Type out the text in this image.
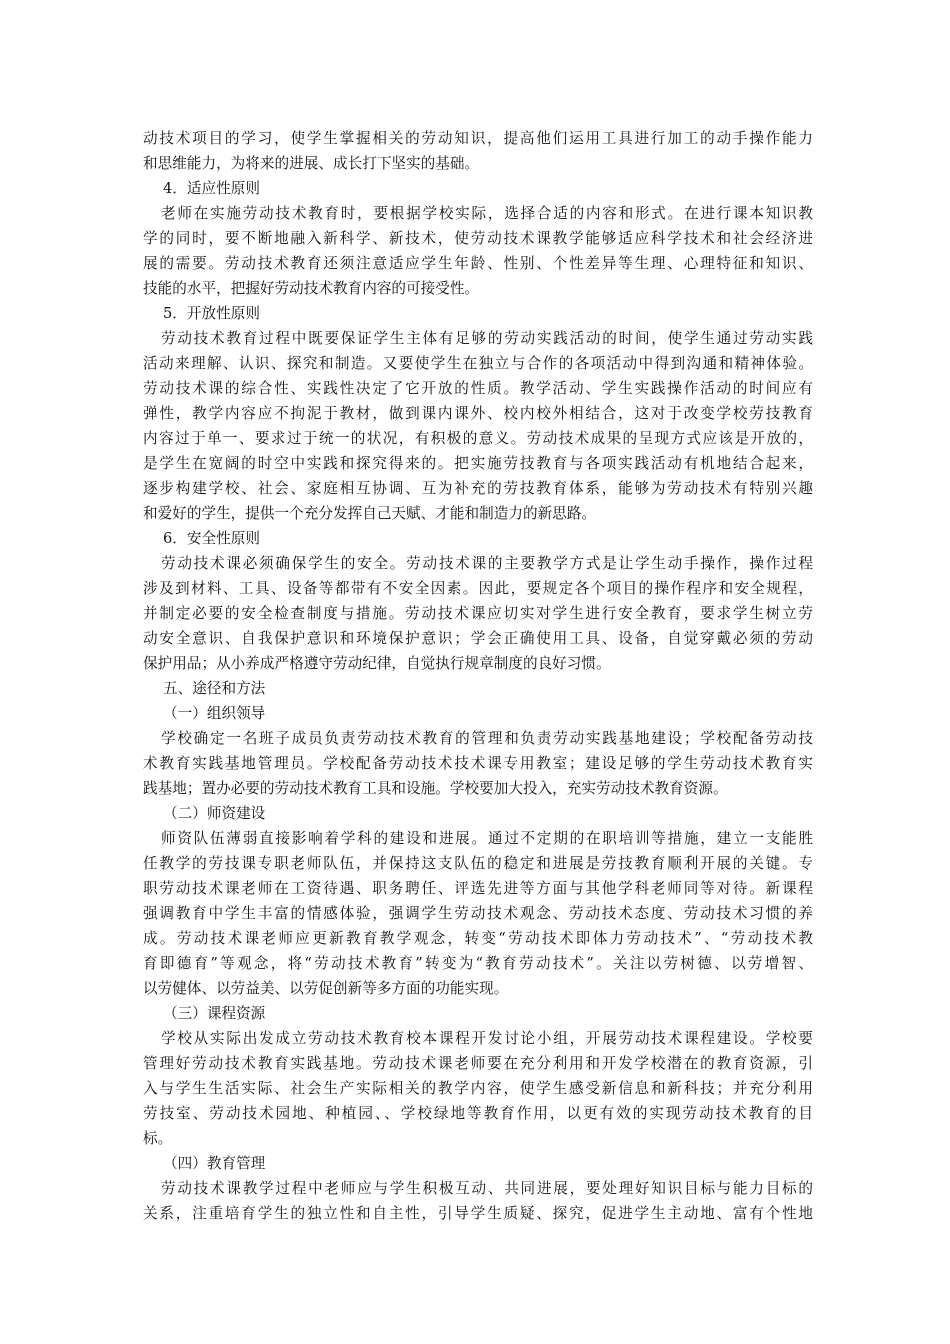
动技术项目的学习，使学生掌握相关的劳动知识，提高他们运用工具进行加工的动手操作能力
和思维能力，为将来的进展、成长打下坚实的基础。
4．适应性原则
老师在实施劳动技术教育时，要根据学校实际，选择合适的内容和形式。在进行课本知识教
学的同时，要不断地融入新科学、新技术，使劳动技术课教学能够适应科学技术和社会经济进
展的需要。劳动技术教育还须注意适应学生年龄、性别、个性差异等生理、心理特征和知识、
技能的水平，把握好劳动技术教育内容的可接受性。
5．开放性原则
劳动技术教育过程中既要保证学生主体有足够的劳动实践活动的时间，使学生通过劳动实践
活动来理解、认识、探究和制造。又要使学生在独立与合作的各项活动中得到沟通和精神体验。
劳动技术课的综合性、实践性决定了它开放的性质。教学活动、学生实践操作活动的时间应有
弹性，教学内容应不拘泥于教材，做到课内课外、校内校外相结合，这对于改变学校劳技教育
内容过于单一、要求过于统一的状况，有积极的意义。劳动技术成果的呈现方式应该是开放的，
是学生在宽阔的时空中实践和探究得来的。把实施劳技教育与各项实践活动有机地结合起来，
逐步构建学校、社会、家庭相互协调、互为补充的劳技教育体系，能够为劳动技术有特别兴趣
和爱好的学生，提供一个充分发挥自己天赋、才能和制造力的新思路。
6．安全性原则
劳动技术课必须确保学生的安全。劳动技术课的主要教学方式是让学生动手操作，操作过程
涉及到材料、工具、设备等都带有不安全因素。因此，要规定各个项目的操作程序和安全规程，
并制定必要的安全检查制度与措施。劳动技术课应切实对学生进行安全教育，要求学生树立劳
动安全意识、自我保护意识和环境保护意识；学会正确使用工具、设备，自觉穿戴必须的劳动
保护用品；从小养成严格遵守劳动纪律，自觉执行规章制度的良好习惯。
五、途径和方法
（一）组织领导
学校确定一名班子成员负责劳动技术教育的管理和负责劳动实践基地建设；学校配备劳动技
术教育实践基地管理员。学校配备劳动技术技术课专用教室；建设足够的学生劳动技术教育实
践基地；置办必要的劳动技术教育工具和设施。学校要加大投入，充实劳动技术教育资源。
（二）师资建设
师资队伍薄弱直接影响着学科的建设和进展。通过不定期的在职培训等措施，建立一支能胜
任教学的劳技课专职老师队伍，并保持这支队伍的稳定和进展是劳技教育顺利开展的关键。专
职劳动技术课老师在工资待遇、职务聘任、评选先进等方面与其他学科老师同等对待。新课程
强调教育中学生丰富的情感体验，强调学生劳动技术观念、劳动技术态度、劳动技术习惯的养
成。劳动技术课老师应更新教育教学观念，转变“劳动技术即体力劳动技术”、“劳动技术教
育即德育”等观念，将“劳动技术教育”转变为“教育劳动技术”。关注以劳树德、以劳增智、
以劳健体、以劳益美、以劳促创新等多方面的功能实现。
（三）课程资源
学校从实际出发成立劳动技术教育校本课程开发讨论小组，开展劳动技术课程建设。学校要
管理好劳动技术教育实践基地。劳动技术课老师要在充分利用和开发学校潜在的教育资源，引
入与学生生活实际、社会生产实际相关的教学内容，使学生感受新信息和新科技；并充分利用
劳技室、劳动技术园地、种植园、、学校绿地等教育作用，以更有效的实现劳动技术教育的目
标。
（四）教育管理
劳动技术课教学过程中老师应与学生积极互动、共同进展，要处理好知识目标与能力目标的
关系，注重培育学生的独立性和自主性，引导学生质疑、探究，促进学生主动地、富有个性地
